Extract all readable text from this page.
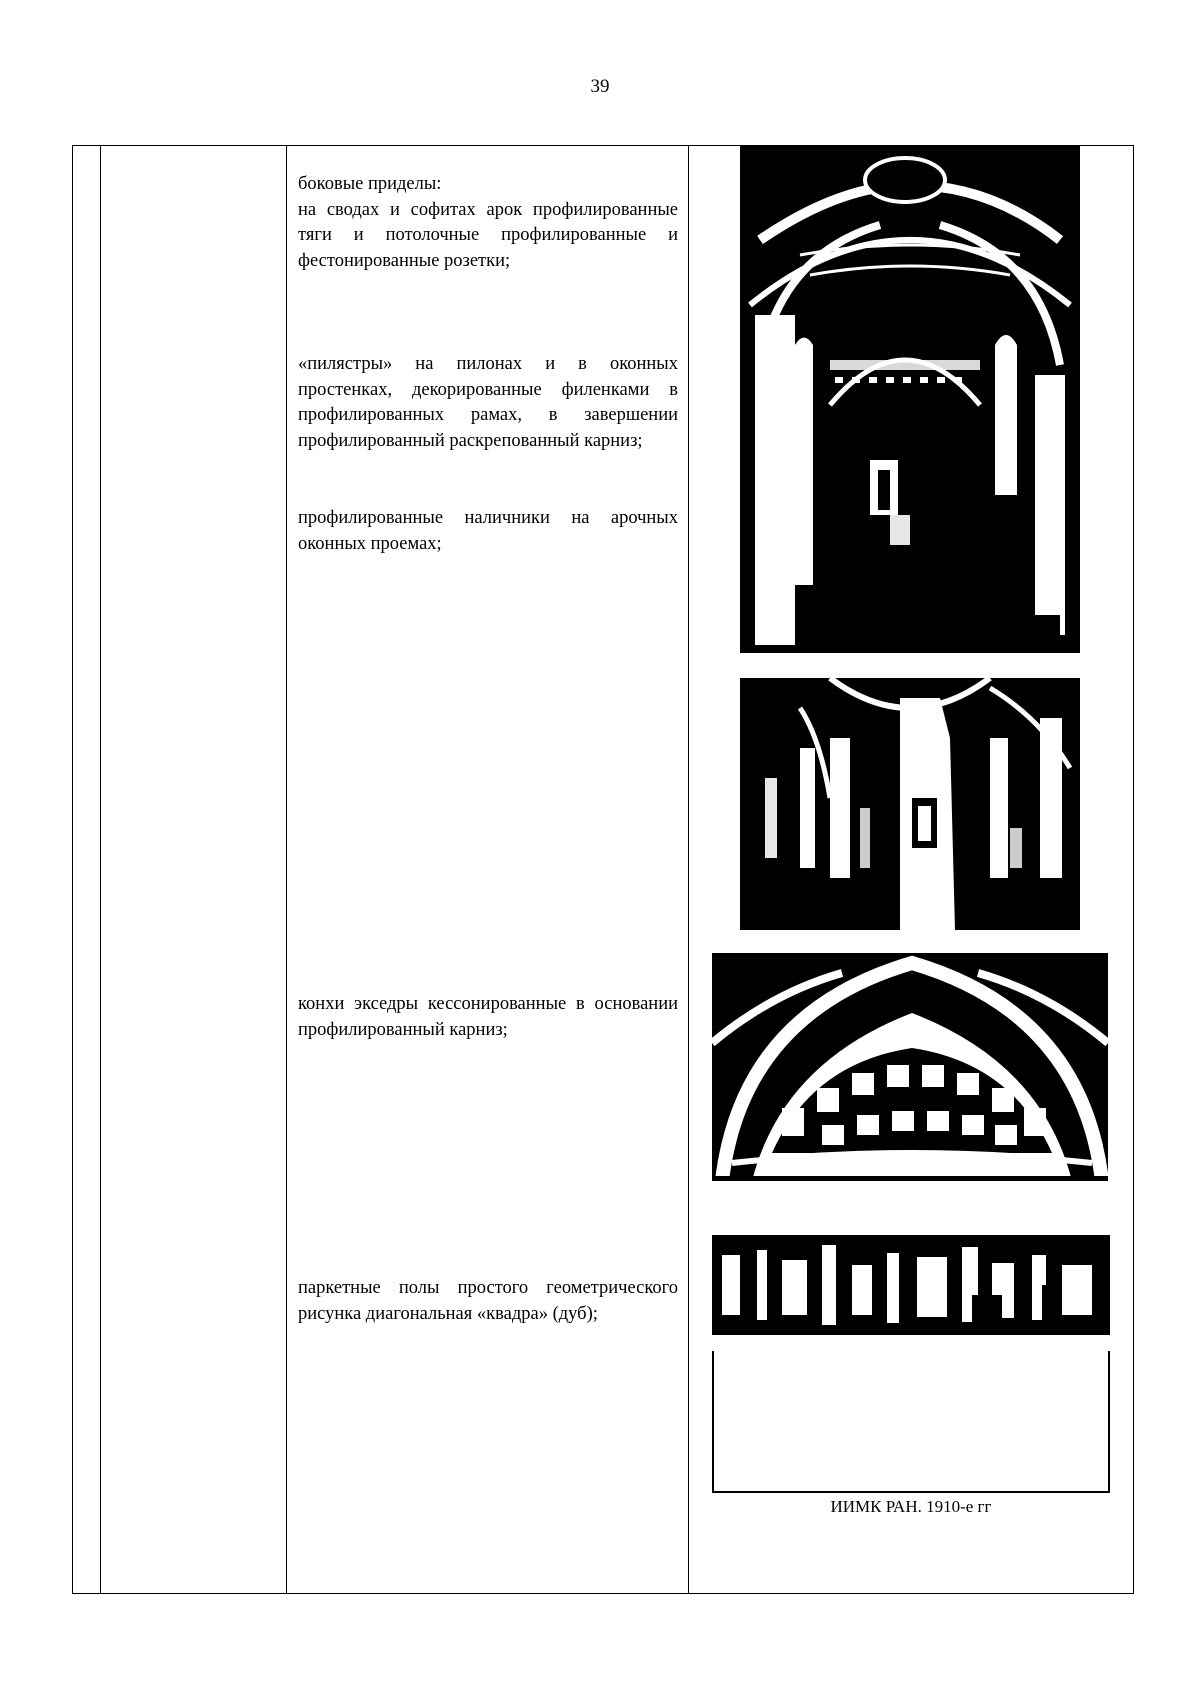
39
боковые приделы:
на сводах и софитах арок профилированные тяги и потолочные профилированные и фестонированные розетки;
«пилястры» на пилонах и в оконных простенках, декорированные филенками в профилированных рамах, в завершении профилированный раскрепованный карниз;
профилированные наличники на арочных оконных проемах;
конхи экседры кессонированные в основании профилированный карниз;
паркетные полы простого геометрического рисунка диагональная «квадра» (дуб);
ИИМК РАН. 1910-е гг
